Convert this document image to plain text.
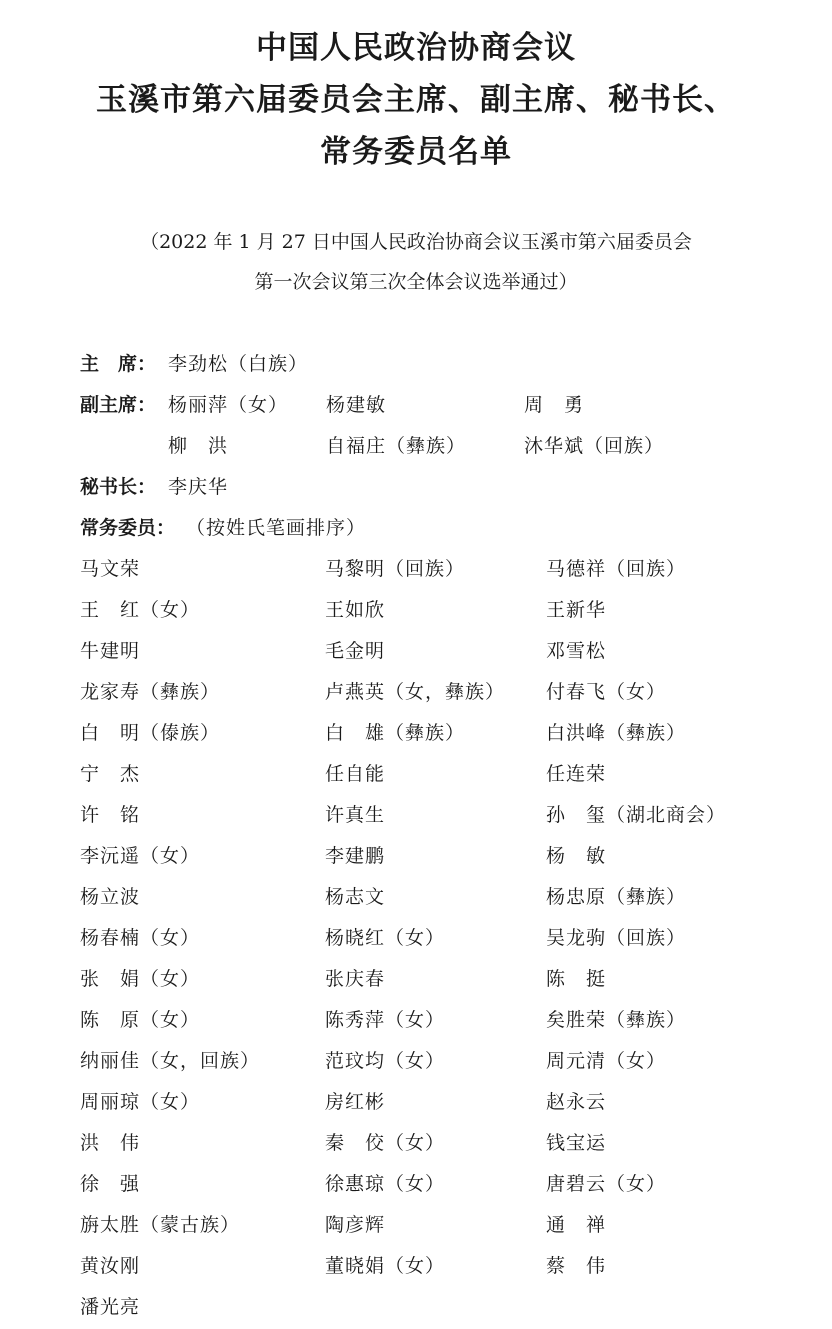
中国人民政治协商会议
玉溪市第六届委员会主席、副主席、秘书长、
常务委员名单
（2022 年 1 月 27 日中国人民政治协商会议玉溪市第六届委员会
第一次会议第三次全体会议选举通过）
主　席： 李劲松（白族）
副主席： 杨丽萍（女） 杨建敏	周　勇
柳　洪	自福庄（彝族）	沐华斌（回族）
秘书长： 李庆华
常务委员： （按姓氏笔画排序）
马文荣	马黎明（回族）	马德祥（回族）
王　红（女）	王如欣	王新华
牛建明	毛金明	邓雪松
龙家寿（彝族）	卢燕英（女，彝族） 付春飞（女）
白　明（傣族）	白　雄（彝族）	白洪峰（彝族）
宁　杰	任自能	任连荣
许　铭	许真生	孙　玺（湖北商会）
李沅遥（女）	李建鹏	杨　敏
杨立波	杨志文	杨忠原（彝族）
杨春楠（女）	杨晓红（女）	吴龙驹（回族）
张　娟（女）	张庆春	陈　挺
陈　原（女）	陈秀萍（女）	矣胜荣（彝族）
纳丽佳（女，回族）	范玟均（女）	周元清（女）
周丽琼（女）	房红彬	赵永云
洪　伟	秦　佼（女）	钱宝运
徐　强	徐惠琼（女）	唐碧云（女）
旃太胜（蒙古族）	陶彦辉	通　禅
黄汝刚	董晓娟（女）	蔡　伟
潘光亮
